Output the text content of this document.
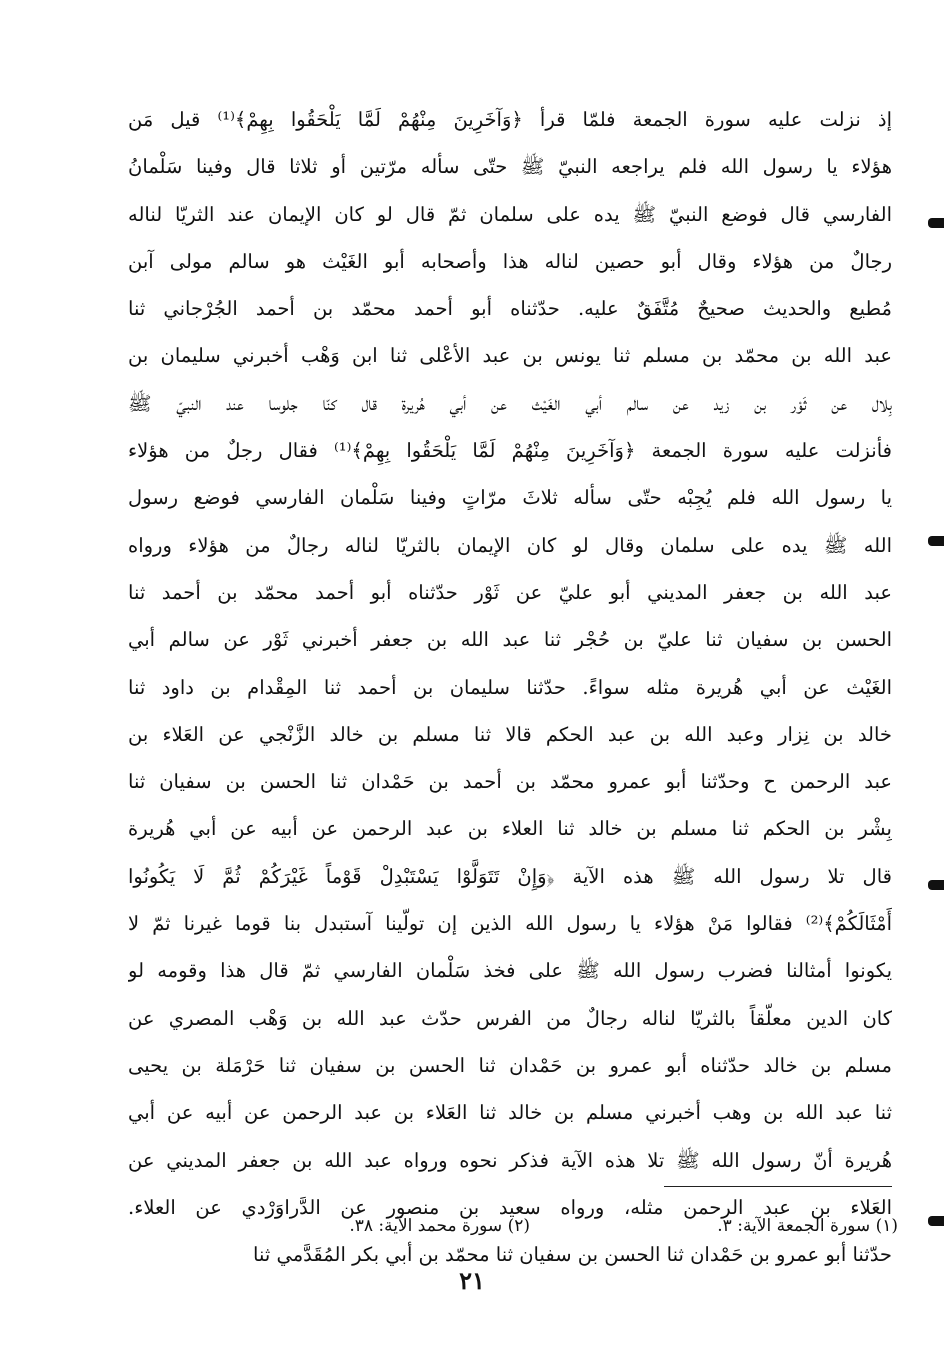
إذ نزلت عليه سورة الجمعة فلمّا قرأ ﴿وَآخَرِينَ مِنْهُمْ لَمَّا يَلْحَقُوا بِهِمْ﴾⁽¹⁾ قيل مَن
هؤلاء يا رسول الله فلم يراجعه النبيّ ﷺ حتّى سأله مرّتين أو ثلاثا قال وفينا سَلْمانُ
الفارسي قال فوضع النبيّ ﷺ يده على سلمان ثمّ قال لو كان الإيمان عند الثريّا لناله
رجالٌ من هؤلاء وقال أبو حصين لناله هذا وأصحابه أبو الغَيْث هو سالم مولى آبن
مُطيع والحديث صحيحٌ مُتَّفَقٌ عليه. حدّثناه أبو أحمد محمّد بن أحمد الجُرْجاني ثنا
عبد الله بن محمّد بن مسلم ثنا يونس بن عبد الأعْلى ثنا ابن وَهْب أخبرني سليمان بن
بِلال عن ثَوْر بن زيد عن سالم أبي الغَيْث عن أبي هُريرة قال كنّا جلوسا عند النبيّ ﷺ
فأنزلت عليه سورة الجمعة ﴿وَآخَرِينَ مِنْهُمْ لَمَّا يَلْحَقُوا بِهِمْ﴾⁽¹⁾ فقال رجلٌ من هؤلاء
يا رسول الله فلم يُجِبْه حتّى سأله ثلاثَ مرّاتٍ وفينا سَلْمان الفارسي فوضع رسول
الله ﷺ يده على سلمان وقال لو كان الإيمان بالثريّا لناله رجالٌ من هؤلاء ورواه
عبد الله بن جعفر المديني أبو عليّ عن ثَوْر حدّثناه أبو أحمد محمّد بن أحمد ثنا
الحسن بن سفيان ثنا عليّ بن حُجْر ثنا عبد الله بن جعفر أخبرني ثَوْر عن سالم أبي
الغَيْث عن أبي هُريرة مثله سواءً. حدّثنا سليمان بن أحمد ثنا المِقْدام بن داود ثنا
خالد بن نِزار وعبد الله بن عبد الحكم قالا ثنا مسلم بن خالد الزَّنْجي عن العَلاء بن
عبد الرحمن ح وحدّثنا أبو عمرو محمّد بن أحمد بن حَمْدان ثنا الحسن بن سفيان ثنا
بِشْر بن الحكم ثنا مسلم بن خالد ثنا العلاء بن عبد الرحمن عن أبيه عن أبي هُريرة
قال تلا رسول الله ﷺ هذه الآية ﴿وَإِنْ تَتَوَلَّوْا يَسْتَبْدِلْ قَوْماً غَيْرَكُمْ ثُمَّ لَا يَكُونُوا
أَمْثَالَكُمْ﴾⁽²⁾ فقالوا مَنْ هؤلاء يا رسول الله الذين إن تولّينا آستبدل بنا قوما غيرنا ثمّ لا
يكونوا أمثالنا فضرب رسول الله ﷺ على فخذ سَلْمان الفارسي ثمّ قال هذا وقومه لو
كان الدين معلّقاً بالثريّا لناله رجالٌ من الفرس حدّث عبد الله بن وَهْب المصري عن
مسلم بن خالد حدّثناه أبو عمرو بن حَمْدان ثنا الحسن بن سفيان ثنا حَرْمَلة بن يحيى
ثنا عبد الله بن وهب أخبرني مسلم بن خالد ثنا العَلاء بن عبد الرحمن عن أبيه عن أبي
هُريرة أنّ رسول الله ﷺ تلا هذه الآية فذكر نحوه ورواه عبد الله بن جعفر المديني عن
العَلاء بن عبد الرحمن مثله، ورواه سعيد بن منصور عن الدَّراوَرْدي عن العلاء.
حدّثنا أبو عمرو بن حَمْدان ثنا الحسن بن سفيان ثنا محمّد بن أبي بكر المُقَدَّمي ثنا
(١) سورة الجمعة الآية: ٣.
(٢) سورة محمد الآية: ٣٨.
٢١
